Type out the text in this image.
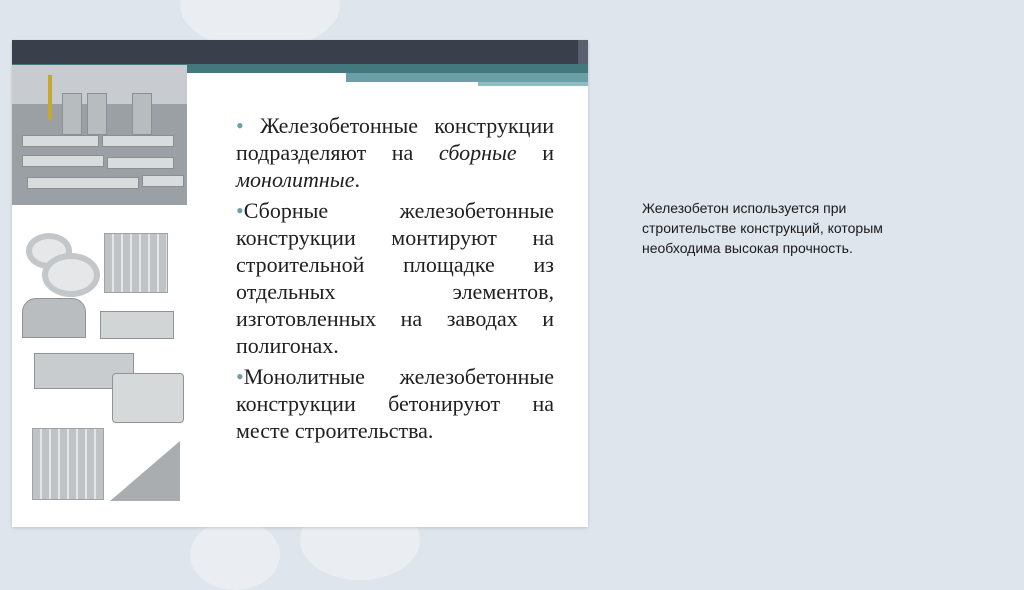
• Железобетонные конструкции подразделяют на сборные и монолитные.

•Сборные железобетонные конструкции монтируют на строительной площадке из отдельных элементов, изготовленных на заводах и полигонах.

•Монолитные железобетонные конструкции бетонируют на месте строительства.

Железобетон используется при строительстве конструкций, которым необходима высокая прочность.
